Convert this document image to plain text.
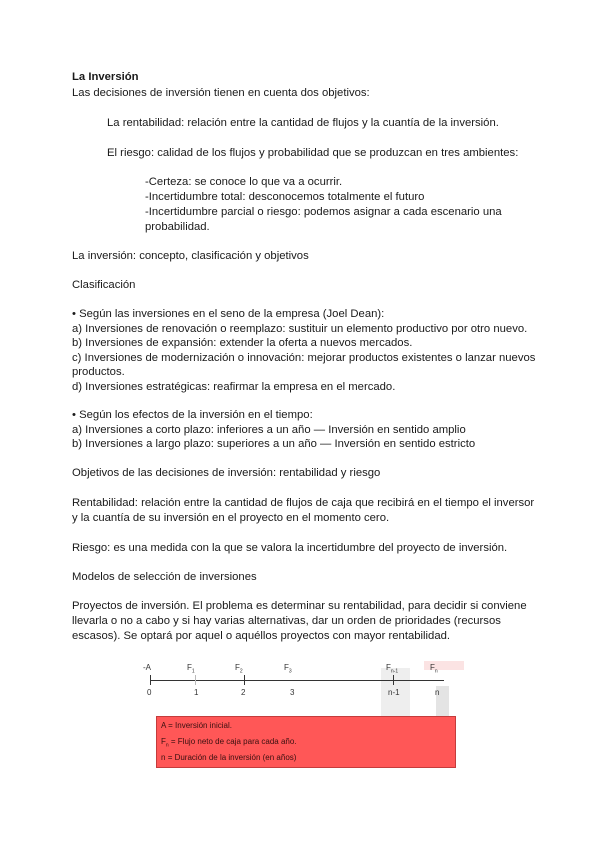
La Inversión
Las decisiones de inversión tienen en cuenta dos objetivos:
La rentabilidad: relación entre la cantidad de flujos y la cuantía de la inversión.
El riesgo: calidad de los flujos y probabilidad que se produzcan en tres ambientes:
-Certeza: se conoce lo que va a ocurrir.
-Incertidumbre total: desconocemos totalmente el futuro
-Incertidumbre parcial o riesgo: podemos asignar a cada escenario una
probabilidad.
La inversión: concepto, clasificación y objetivos
Clasificación
• Según las inversiones en el seno de la empresa (Joel Dean):
a) Inversiones de renovación o reemplazo: sustituir un elemento productivo por otro nuevo.
b) Inversiones de expansión: extender la oferta a nuevos mercados.
c) Inversiones de modernización o innovación: mejorar productos existentes o lanzar nuevos
productos.
d) Inversiones estratégicas: reafirmar la empresa en el mercado.
• Según los efectos de la inversión en el tiempo:
a) Inversiones a corto plazo: inferiores a un año — Inversión en sentido amplio
b) Inversiones a largo plazo: superiores a un año — Inversión en sentido estricto
Objetivos de las decisiones de inversión: rentabilidad y riesgo
Rentabilidad: relación entre la cantidad de flujos de caja que recibirá en el tiempo el inversor
y la cuantía de su inversión en el proyecto en el momento cero.
Riesgo: es una medida con la que se valora la incertidumbre del proyecto de inversión.
Modelos de selección de inversiones
Proyectos de inversión. El problema es determinar su rentabilidad, para decidir si conviene
llevarla o no a cabo y si hay varias alternativas, dar un orden de prioridades (recursos
escasos). Se optará por aquel o aquéllos proyectos con mayor rentabilidad.
-A	$F_1$	$F_2$	$F_3$	$F_{n-1}$	$F_n$
0	1	2	3	n-1	n
A = Inversión inicial.
$F_n$ = Flujo neto de caja para cada año.
n = Duración de la inversión (en años)
